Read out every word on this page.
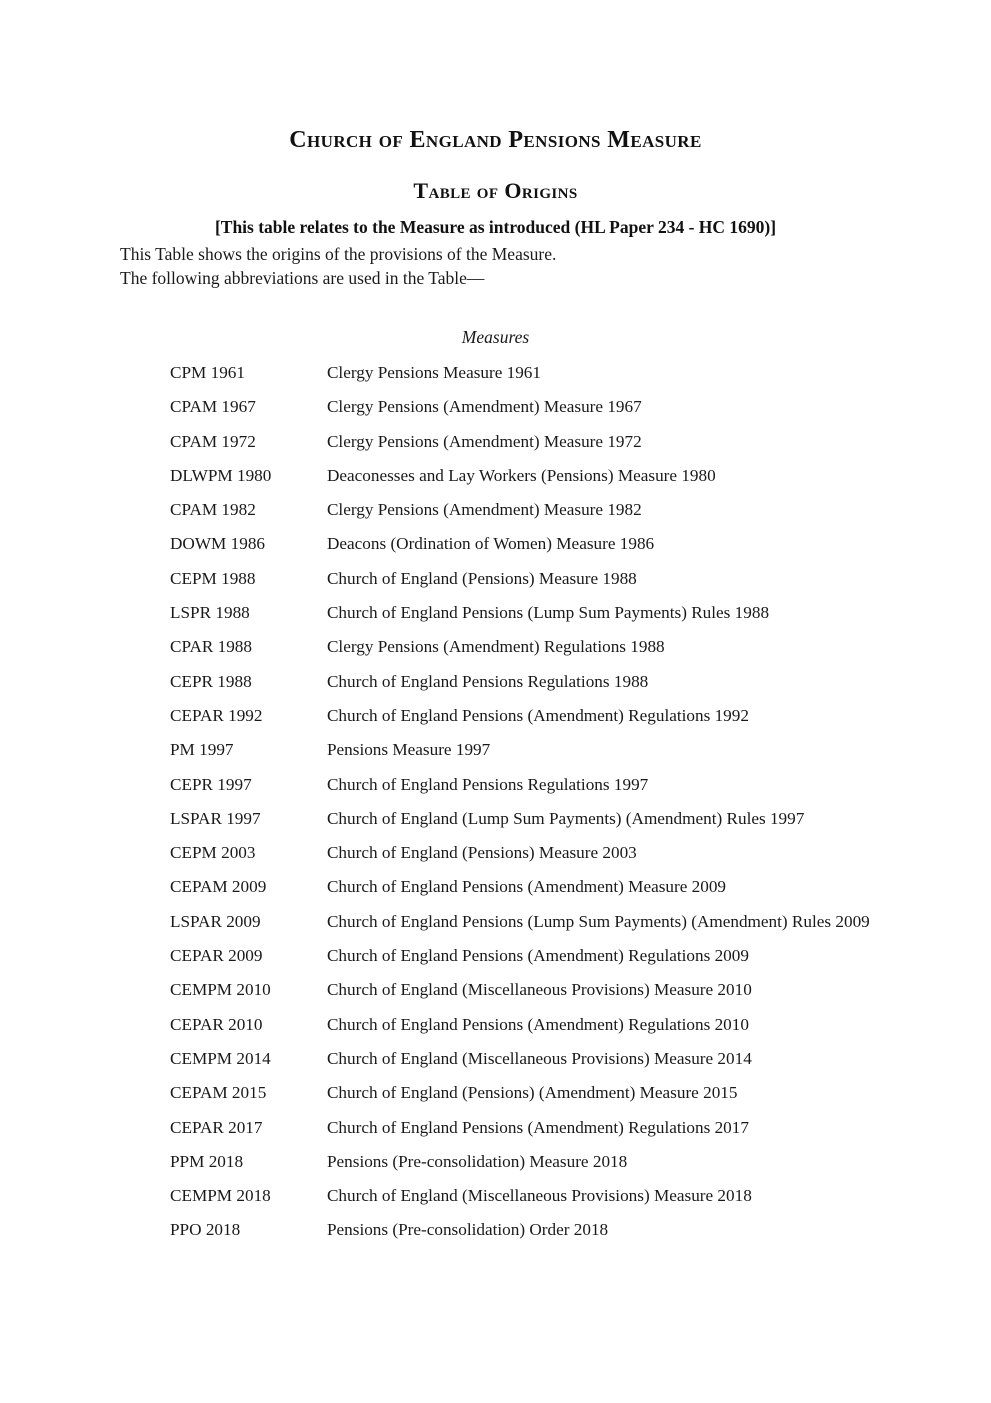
Church of England Pensions Measure
Table of Origins

[This table relates to the Measure as introduced (HL Paper 234 - HC 1690)]

This Table shows the origins of the provisions of the Measure.
The following abbreviations are used in the Table—
Measures
CPM 1961	Clergy Pensions Measure 1961
CPAM 1967	Clergy Pensions (Amendment) Measure 1967
CPAM 1972	Clergy Pensions (Amendment) Measure 1972
DLWPM 1980	Deaconesses and Lay Workers (Pensions) Measure 1980
CPAM 1982	Clergy Pensions (Amendment) Measure 1982
DOWM 1986	Deacons (Ordination of Women) Measure 1986
CEPM 1988	Church of England (Pensions) Measure 1988
LSPR 1988	Church of England Pensions (Lump Sum Payments) Rules 1988
CPAR 1988	Clergy Pensions (Amendment) Regulations 1988
CEPR 1988	Church of England Pensions Regulations 1988
CEPAR 1992	Church of England Pensions (Amendment) Regulations 1992
PM 1997	Pensions Measure 1997
CEPR 1997	Church of England Pensions Regulations 1997
LSPAR 1997	Church of England (Lump Sum Payments) (Amendment) Rules 1997
CEPM 2003	Church of England (Pensions) Measure 2003
CEPAM 2009	Church of England Pensions (Amendment) Measure 2009
LSPAR 2009	Church of England Pensions (Lump Sum Payments) (Amendment) Rules 2009
CEPAR 2009	Church of England Pensions (Amendment) Regulations 2009
CEMPM 2010	Church of England (Miscellaneous Provisions) Measure 2010
CEPAR 2010	Church of England Pensions (Amendment) Regulations 2010
CEMPM 2014	Church of England (Miscellaneous Provisions) Measure 2014
CEPAM 2015	Church of England (Pensions) (Amendment) Measure 2015
CEPAR 2017	Church of England Pensions (Amendment) Regulations 2017
PPM 2018	Pensions (Pre-consolidation) Measure 2018
CEMPM 2018	Church of England (Miscellaneous Provisions) Measure 2018
PPO 2018	Pensions (Pre-consolidation) Order 2018
